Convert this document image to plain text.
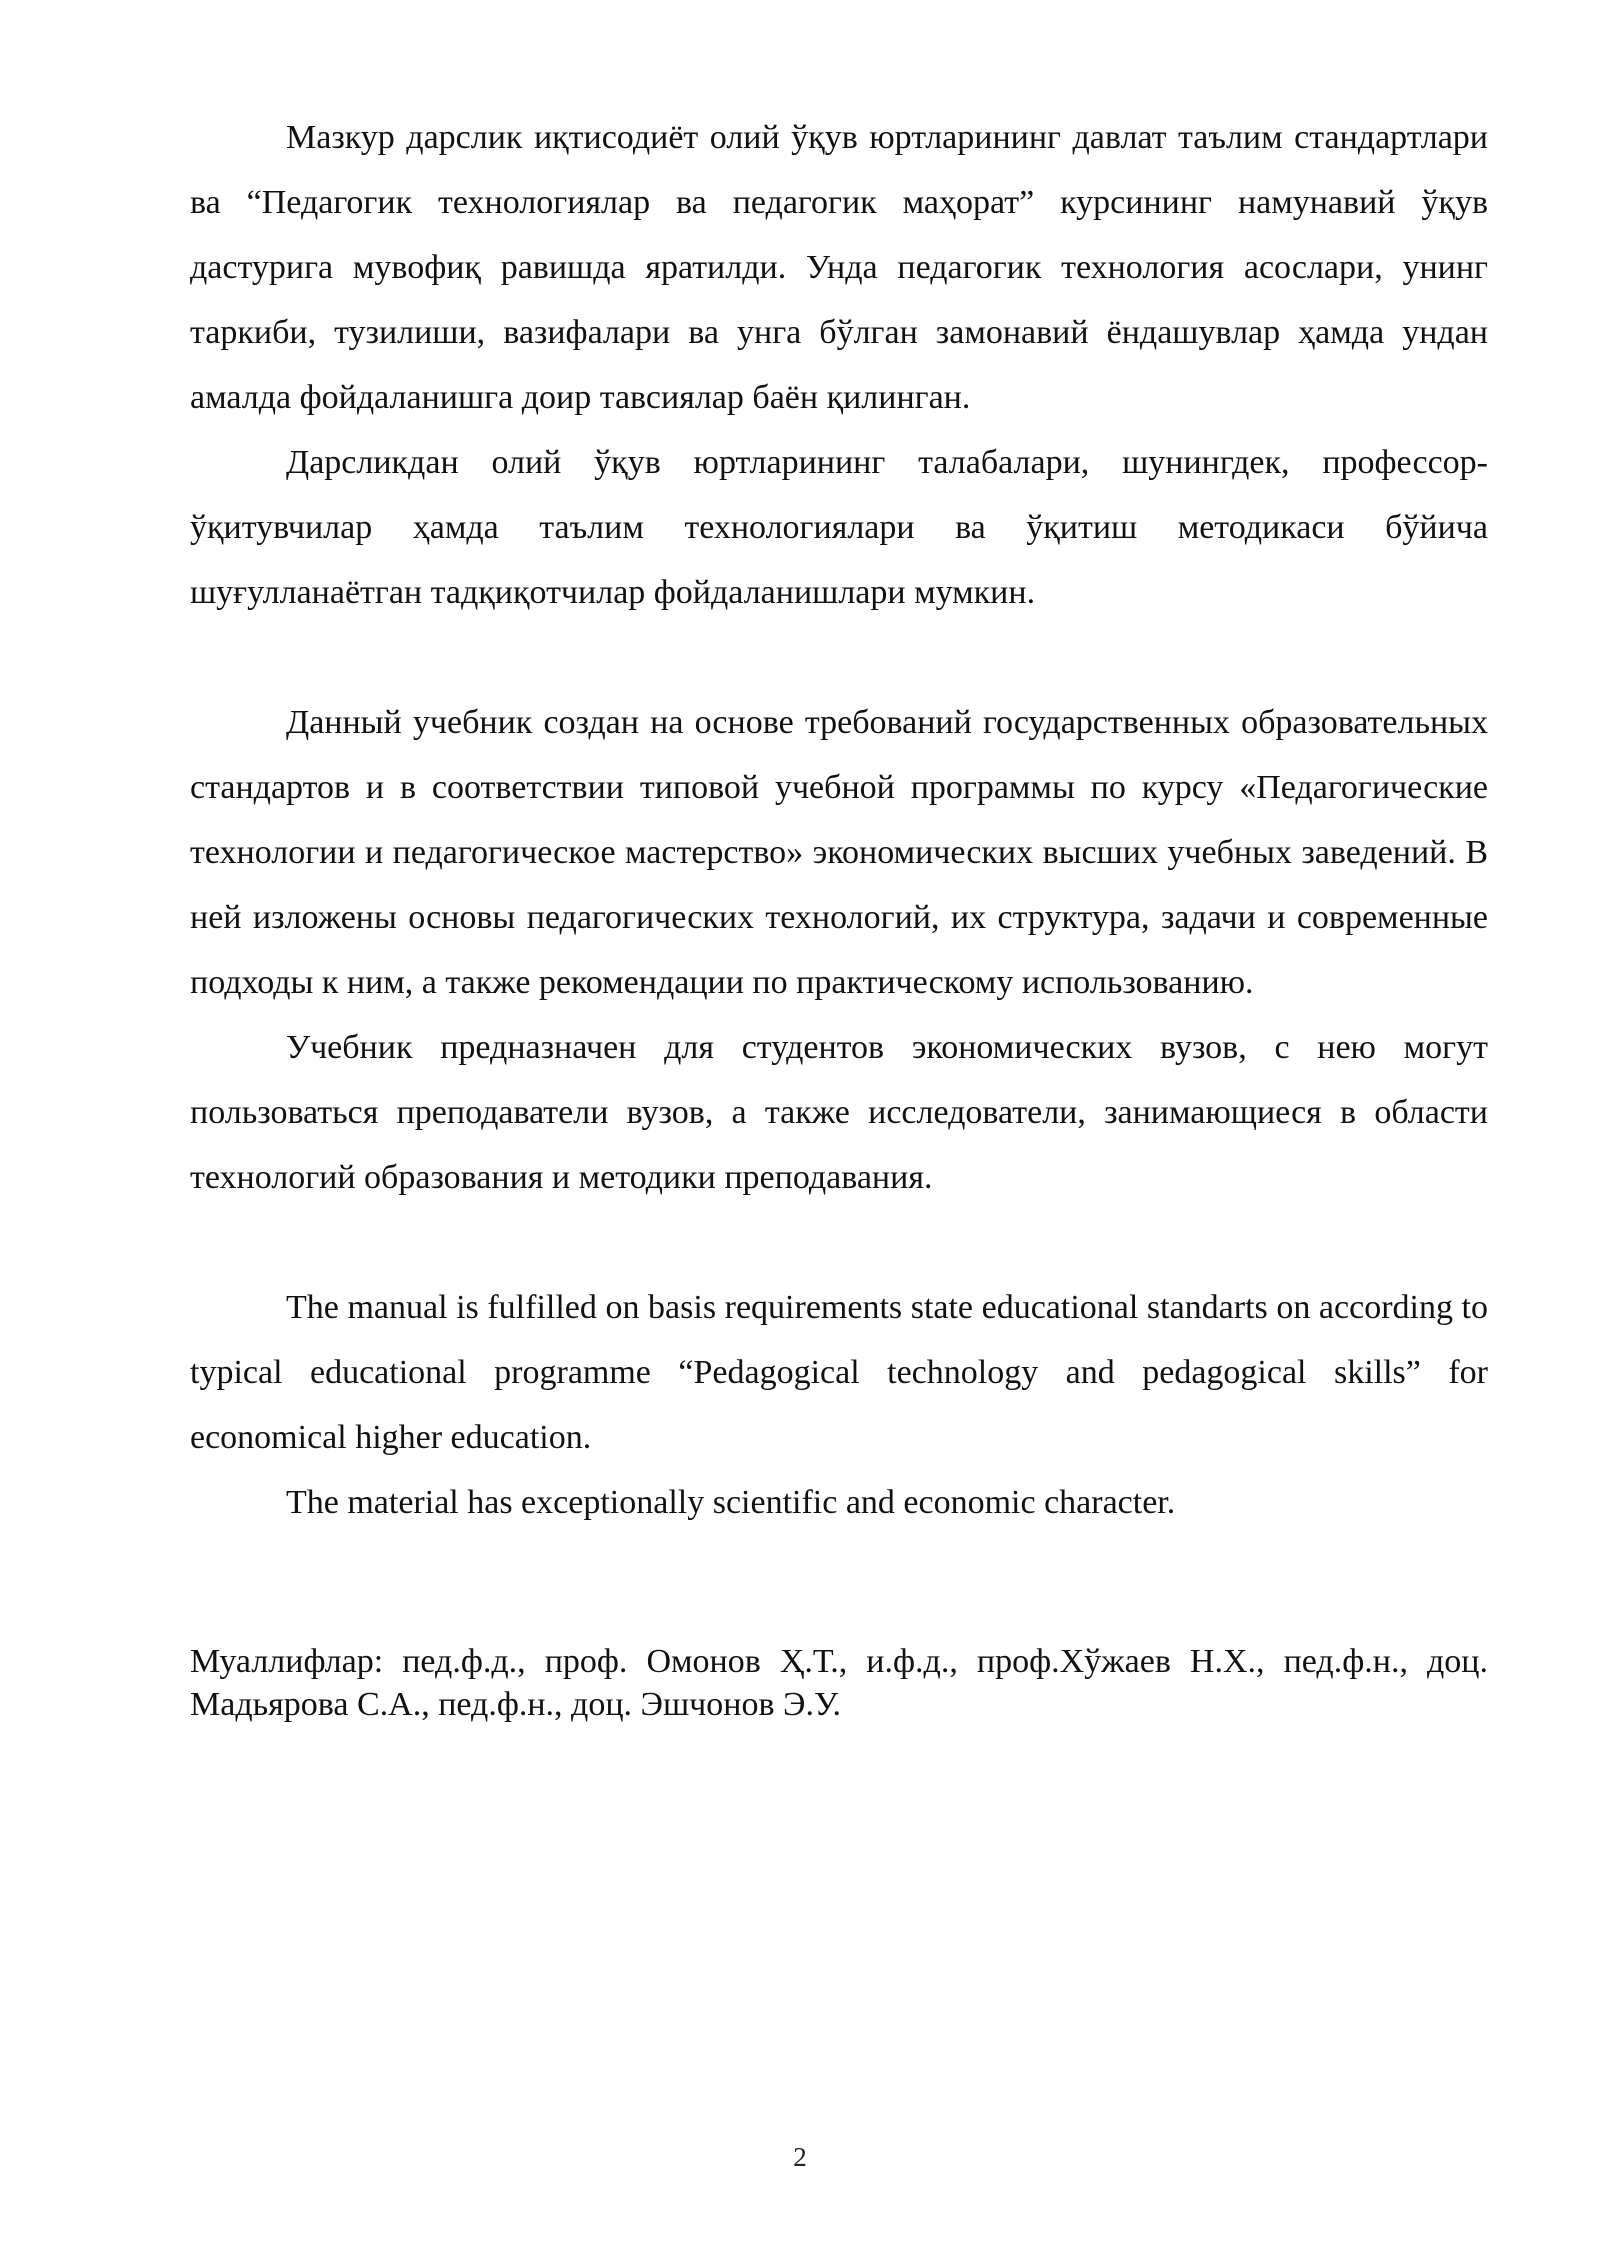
Мазкур дарслик иқтисодиёт олий ўқув юртларининг давлат таълим стандартлари ва “Педагогик технологиялар ва педагогик маҳорат” курсининг намунавий ўқув дастурига мувофиқ равишда яратилди. Унда педагогик технология асослари, унинг таркиби, тузилиши, вазифалари ва унга бўлган замонавий ёндашувлар ҳамда ундан амалда фойдаланишга доир тавсиялар баён қилинган.

Дарсликдан олий ўқув юртларининг талабалари, шунингдек, профессор-ўқитувчилар ҳамда таълим технологиялари ва ўқитиш методикаси бўйича шуғулланаётган тадқиқотчилар фойдаланишлари мумкин.

Данный учебник создан на основе требований государственных образовательных стандартов и в соответствии типовой учебной программы по курсу «Педагогические технологии и педагогическое мастерство» экономических высших учебных заведений. В ней изложены основы педагогических технологий, их структура, задачи и современные подходы к ним, а также рекомендации по практическому использованию.

Учебник предназначен для студентов экономических вузов, с нею могут пользоваться преподаватели вузов, а также исследователи, занимающиеся в области технологий образования и методики преподавания.

The manual is fulfilled on basis requirements state educational standarts on according to typical educational programme “Pedagogical technology and pedagogical skills” for economical higher education.

The material has exceptionally scientific and economic character.

Муаллифлар: пед.ф.д., проф. Омонов Ҳ.Т., и.ф.д., проф.Хўжаев Н.Х., пед.ф.н., доц. Мадьярова С.А., пед.ф.н., доц. Эшчонов Э.У.

2
